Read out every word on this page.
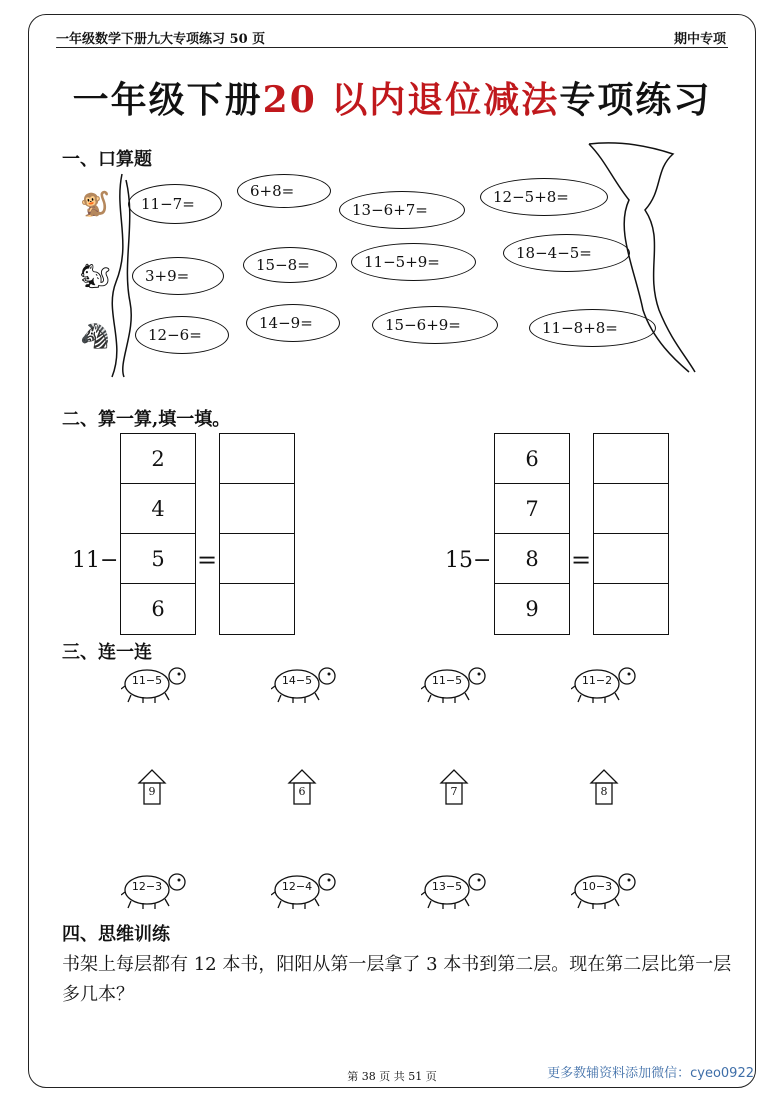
一年级数学下册九大专项练习 50 页	期中专项
一年级下册20 以内退位减法专项练习
一、口算题
🐒
🐿
🦓
11−7=
6+8=
13−6+7=
12−5+8=
3+9=
15−8=	11−5+9=	18−4−5=
12−6=
14−9=	15−6+9=	11−8+8=
二、算一算,填一填。
11−
2
4
5
6
=	15−
6
7
8
9
=
三、连一连
11−5	14−5	11−5	11−2
9	6	7	8
12−3	12−4	13−5	10−3
四、思维训练
书架上每层都有 12 本书，阳阳从第一层拿了 3 本书到第二层。现在第二层比第一层多几本？
第 38 页 共 51 页	更多教辅资料添加微信：cyeo0922
